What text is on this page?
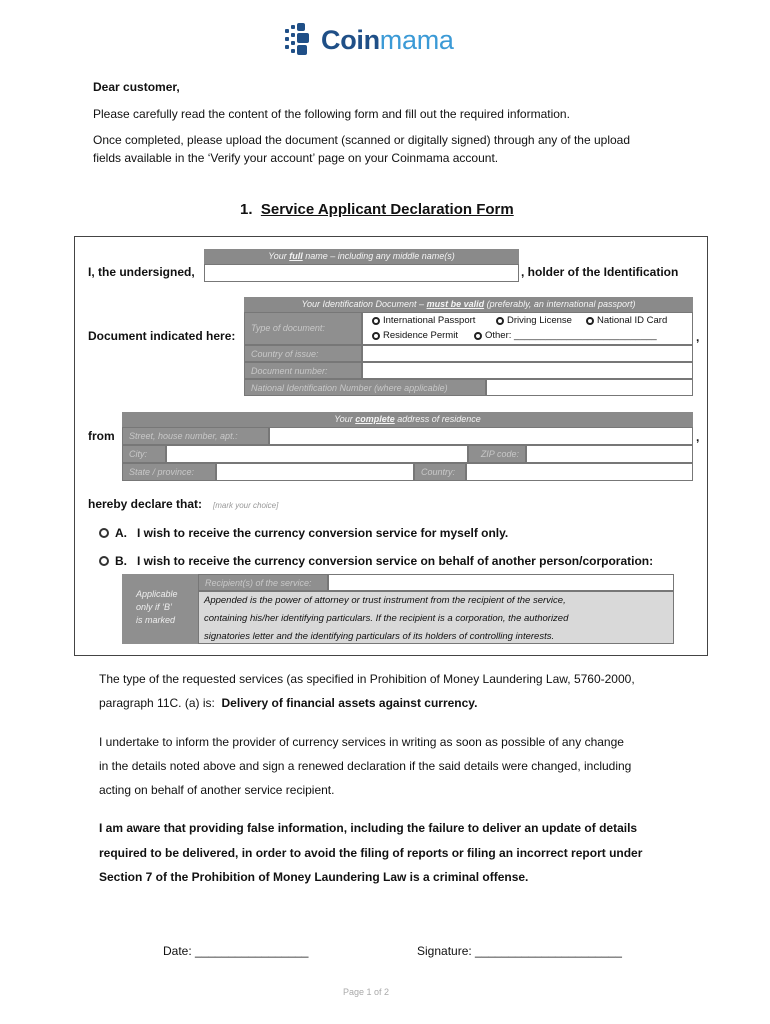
Coinmama
Dear customer,
Please carefully read the content of the following form and fill out the required information.
Once completed, please upload the document (scanned or digitally signed) through any of the upload
fields available in the ‘Verify your account’ page on your Coinmama account.
1. Service Applicant Declaration Form
Your full name – including any middle name(s)
I, the undersigned,	, holder of the Identification
Your Identification Document – must be valid (preferably, an international passport)
Document indicated here:
Type of document:
International Passport	Driving License	National ID Card
Residence Permit	Other: ___________________________	,
Country of issue:
Document number:
National Identification Number (where applicable)
Your complete address of residence
from	Street, house number, apt.:	,
City:	ZIP code:
State / province:	Country:
hereby declare that: [mark your choice]
A. I wish to receive the currency conversion service for myself only.
B. I wish to receive the currency conversion service on behalf of another person/corporation:
Applicable
only if ‘B’
is marked
Recipient(s) of the service:
Appended is the power of attorney or trust instrument from the recipient of the service,
containing his/her identifying particulars. If the recipient is a corporation, the authorized
signatories letter and the identifying particulars of its holders of controlling interests.
The type of the requested services (as specified in Prohibition of Money Laundering Law, 5760-2000,
paragraph 11C. (a) is: Delivery of financial assets against currency.
I undertake to inform the provider of currency services in writing as soon as possible of any change
in the details noted above and sign a renewed declaration if the said details were changed, including
acting on behalf of another service recipient.
I am aware that providing false information, including the failure to deliver an update of details
required to be delivered, in order to avoid the filing of reports or filing an incorrect report under
Section 7 of the Prohibition of Money Laundering Law is a criminal offense.
Date: _________________	Signature: ______________________
Page 1 of 2
